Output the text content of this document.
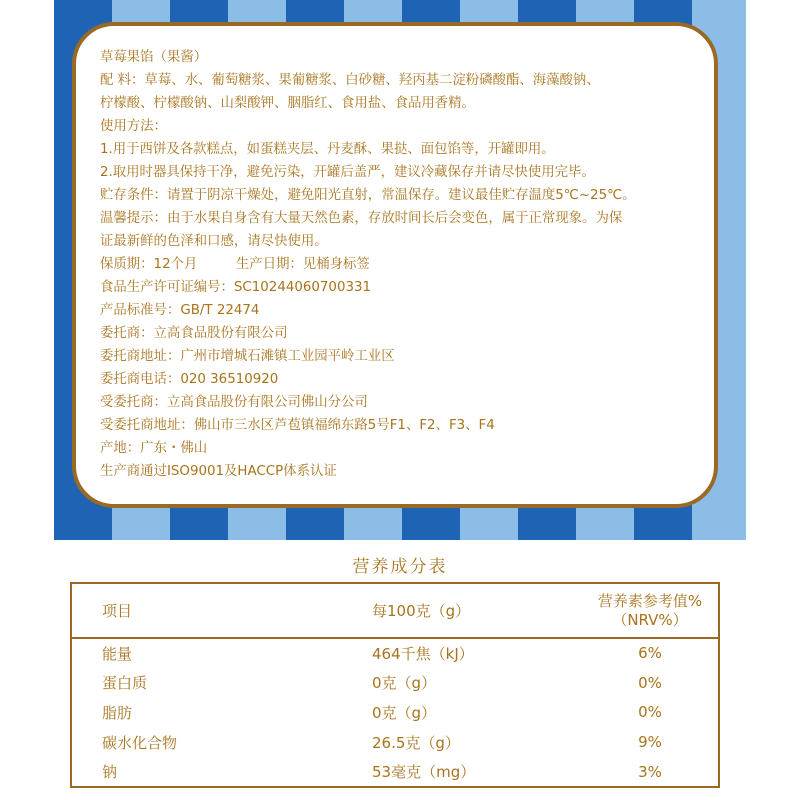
草莓果馅（果酱）
配 料：草莓、水、葡萄糖浆、果葡糖浆、白砂糖、羟丙基二淀粉磷酸酯、海藻酸钠、
柠檬酸、柠檬酸钠、山梨酸钾、胭脂红、食用盐、食品用香精。
使用方法：
1.用于西饼及各款糕点，如蛋糕夹层、丹麦酥、果挞、面包馅等，开罐即用。
2.取用时器具保持干净，避免污染，开罐后盖严，建议冷藏保存并请尽快使用完毕。
贮存条件：请置于阴凉干燥处，避免阳光直射，常温保存。建议最佳贮存温度5℃~25℃。
温馨提示：由于水果自身含有大量天然色素，存放时间长后会变色，属于正常现象。为保
证最新鲜的色泽和口感，请尽快使用。
保质期：12个月	生产日期：见桶身标签
食品生产许可证编号：SC10244060700331
产品标准号：GB/T 22474
委托商：立高食品股份有限公司
委托商地址：广州市增城石滩镇工业园平岭工业区
委托商电话：020 36510920
受委托商：立高食品股份有限公司佛山分公司
受委托商地址：佛山市三水区芦苞镇福绵东路5号F1、F2、F3、F4
产地：广东・佛山
生产商通过ISO9001及HACCP体系认证
营养成分表
项目	每100克（g）	营养素参考值%
（NRV%）

能量	464千焦（kJ）	6%
蛋白质	0克（g）	0%
脂肪	0克（g）	0%
碳水化合物	26.5克（g）	9%
钠	53毫克（mg）	3%
